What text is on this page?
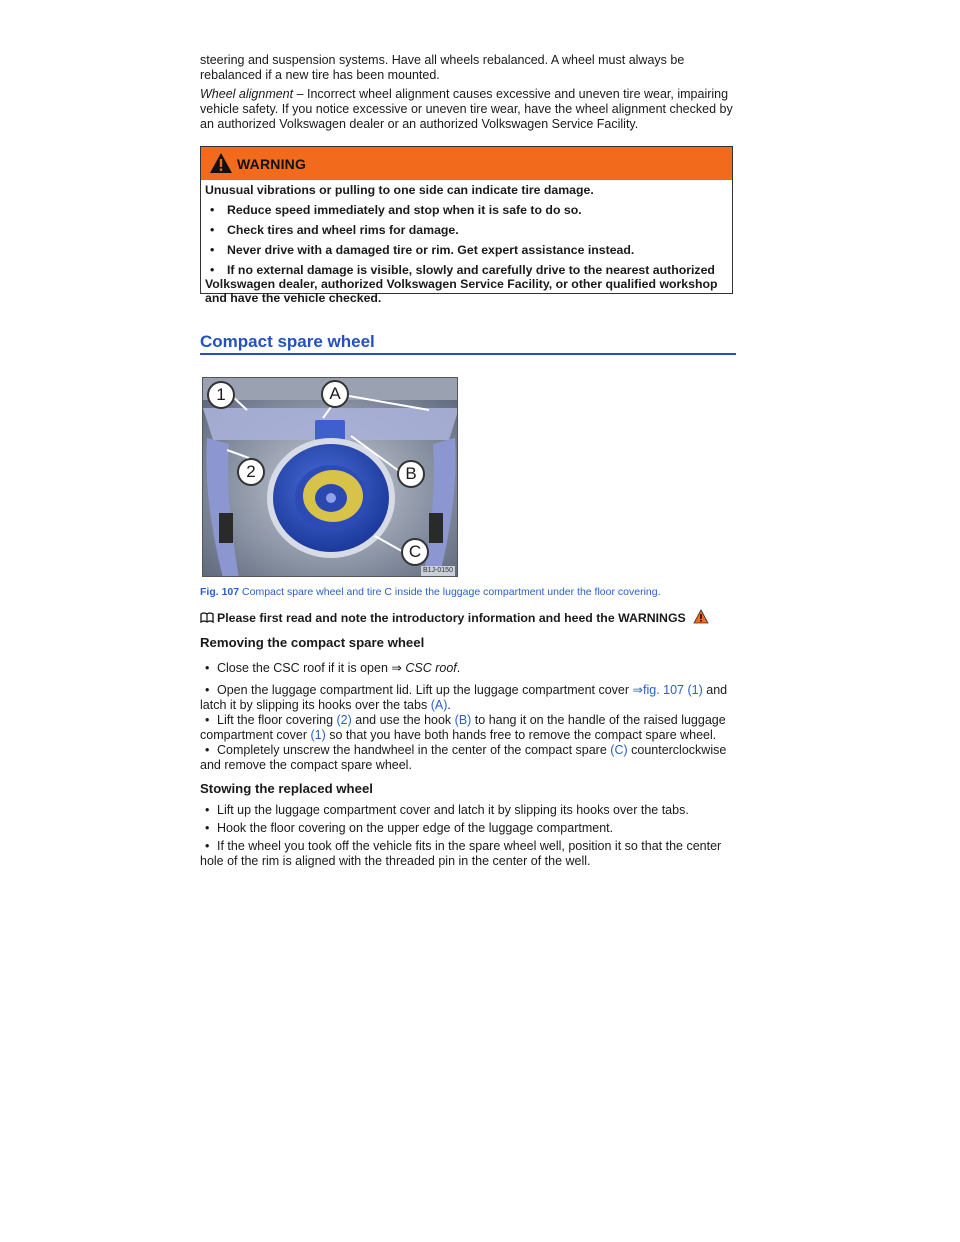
steering and suspension systems. Have all wheels rebalanced. A wheel must always be rebalanced if a new tire has been mounted.

Wheel alignment – Incorrect wheel alignment causes excessive and uneven tire wear, impairing vehicle safety. If you notice excessive or uneven tire wear, have the wheel alignment checked by an authorized Volkswagen dealer or an authorized Volkswagen Service Facility.

WARNING
Unusual vibrations or pulling to one side can indicate tire damage.
• Reduce speed immediately and stop when it is safe to do so.
• Check tires and wheel rims for damage.
• Never drive with a damaged tire or rim. Get expert assistance instead.
• If no external damage is visible, slowly and carefully drive to the nearest authorized Volkswagen dealer, authorized Volkswagen Service Facility, or other qualified workshop and have the vehicle checked.
Compact spare wheel
1	A
2	B
C
B1J-0150
Fig. 107 Compact spare wheel and tire C inside the luggage compartment under the floor covering.
Please first read and note the introductory information and heed the WARNINGS
Removing the compact spare wheel
• Close the CSC roof if it is open ⇒ CSC roof.
• Open the luggage compartment lid. Lift up the luggage compartment cover ⇒fig. 107 (1) and latch it by slipping its hooks over the tabs (A).
• Lift the floor covering (2) and use the hook (B) to hang it on the handle of the raised luggage compartment cover (1) so that you have both hands free to remove the compact spare wheel.
• Completely unscrew the handwheel in the center of the compact spare (C) counterclockwise and remove the compact spare wheel.
Stowing the replaced wheel
• Lift up the luggage compartment cover and latch it by slipping its hooks over the tabs.
• Hook the floor covering on the upper edge of the luggage compartment.
• If the wheel you took off the vehicle fits in the spare wheel well, position it so that the center hole of the rim is aligned with the threaded pin in the center of the well.
